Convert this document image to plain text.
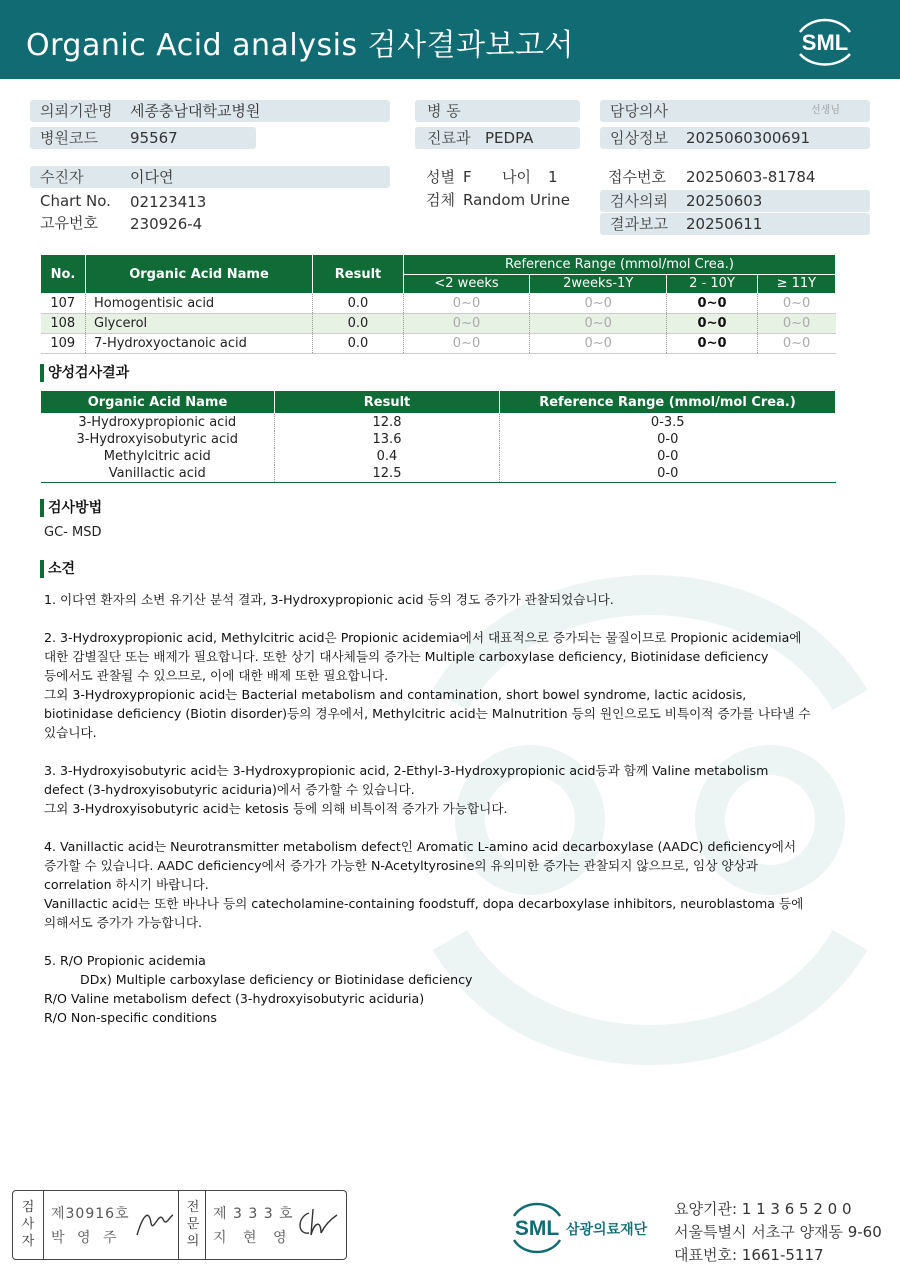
Organic Acid analysis 검사결과보고서	SML
의뢰기관명 세종충남대학교병원
병원코드 95567
수진자	이다연
Chart No. 02123413
고유번호 230926-4
병 동
진료과 PEDPA
성별 F 나이 1
검체 Random Urine
담당의사	선생님
임상정보 2025060300691
접수번호 20250603-81784
검사의뢰 20250603
결과보고 20250611
No.	Organic Acid Name	Result	Reference Range (mmol/mol Crea.)			
			<2 weeks	2weeks-1Y	2 - 10Y	≥ 11Y
107	Homogentisic acid	0.0	0~0	0~0	0~0	0~0
108	Glycerol	0.0	0~0	0~0	0~0	0~0
109	7-Hydroxyoctanoic acid	0.0	0~0	0~0	0~0	0~0
양성검사결과
Organic Acid Name	Result	Reference Range (mmol/mol Crea.)
3-Hydroxypropionic acid	12.8	0-3.5
3-Hydroxyisobutyric acid	13.6	0-0
Methylcitric acid	0.4	0-0
Vanillactic acid	12.5	0-0
검사방법
GC- MSD
소견

1. 이다연 환자의 소변 유기산 분석 결과, 3-Hydroxypropionic acid 등의 경도 증가가 관찰되었습니다.

2. 3-Hydroxypropionic acid, Methylcitric acid은 Propionic acidemia에서 대표적으로 증가되는 물질이므로 Propionic acidemia에
대한 감별질단 또는 배제가 필요합니다. 또한 상기 대사체들의 증가는 Multiple carboxylase deficiency, Biotinidase deficiency
등에서도 관찰될 수 있으므로, 이에 대한 배제 또한 필요합니다.
그외 3-Hydroxypropionic acid는 Bacterial metabolism and contamination, short bowel syndrome, lactic acidosis,
biotinidase deficiency (Biotin disorder)등의 경우에서, Methylcitric acid는 Malnutrition 등의 원인으로도 비특이적 증가를 나타낼 수
있습니다.

3. 3-Hydroxyisobutyric acid는 3-Hydroxypropionic acid, 2-Ethyl-3-Hydroxypropionic acid등과 함께 Valine metabolism
defect (3-hydroxyisobutyric aciduria)에서 증가할 수 있습니다.
그외 3-Hydroxyisobutyric acid는 ketosis 등에 의해 비특이적 증가가 가능합니다.

4. Vanillactic acid는 Neurotransmitter metabolism defect인 Aromatic L-amino acid decarboxylase (AADC) deficiency에서
증가할 수 있습니다. AADC deficiency에서 증가가 가능한 N-Acetyltyrosine의 유의미한 증가는 관찰되지 않으므로, 임상 양상과
correlation 하시기 바랍니다.
Vanillactic acid는 또한 바나나 등의 catecholamine-containing foodstuff, dopa decarboxylase inhibitors, neuroblastoma 등에
의해서도 증가가 가능합니다.

5. R/O Propionic acidemia
DDx) Multiple carboxylase deficiency or Biotinidase deficiency
R/O Valine metabolism defect (3-hydroxyisobutyric aciduria)
R/O Non-specific conditions
검사자
제30916호
박 영 주
전문의
제 3 3 3 호
지 현 영	SML 삼광의료재단
요양기관: 1 1 3 6 5 2 0 0
서울특별시 서초구 양재동 9-60
대표번호: 1661-5117
